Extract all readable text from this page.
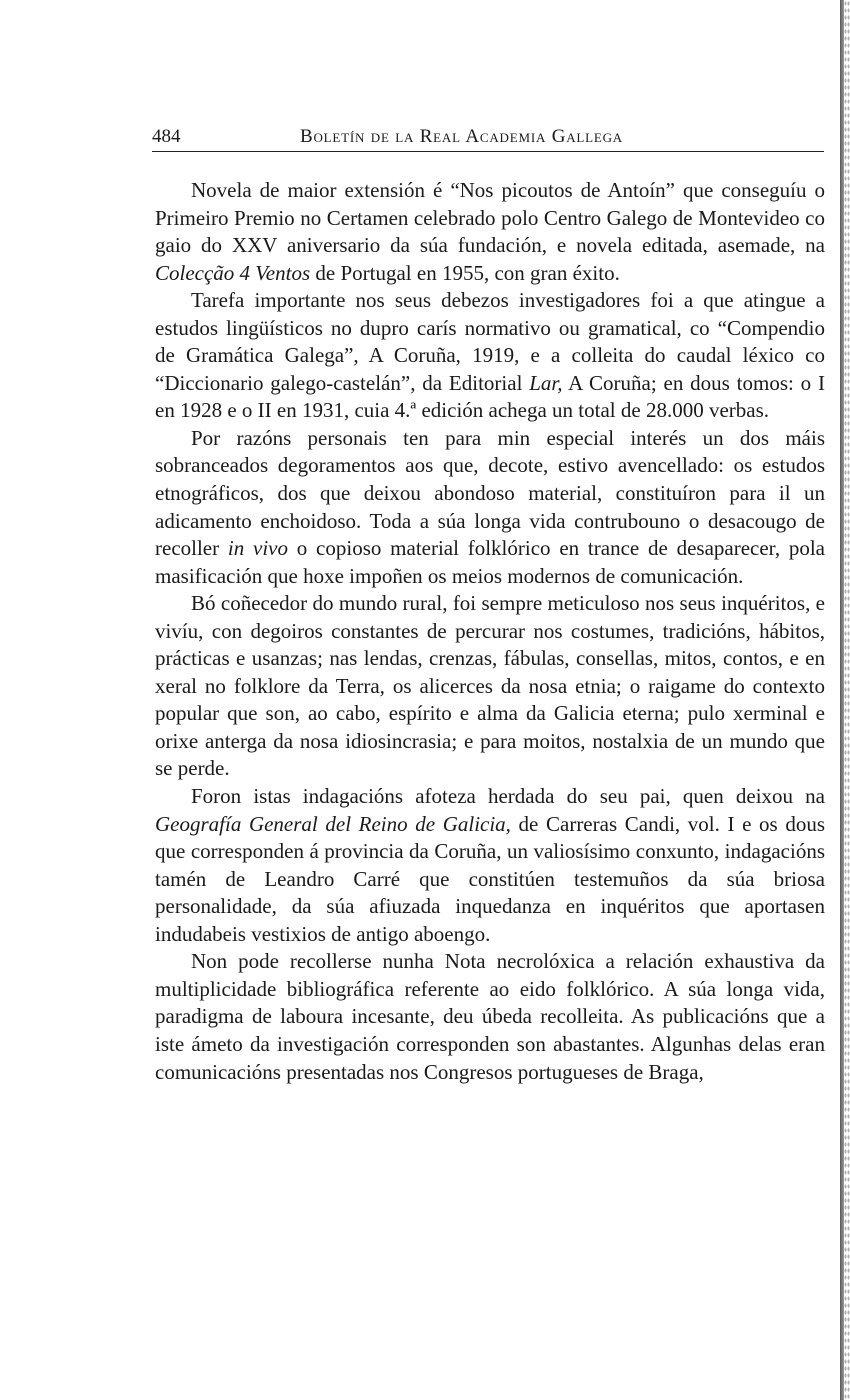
484	Boletín de la Real Academia Gallega

Novela de maior extensión é “Nos picoutos de Antoín” que conseguíu o Primeiro Premio no Certamen celebrado polo Centro Galego de Montevideo co gaio do XXV aniversario da súa fundación, e novela editada, asemade, na Colecção 4 Ventos de Portugal en 1955, con gran éxito.

Tarefa importante nos seus debezos investigadores foi a que atingue a estudos lingüísticos no dupro carís normativo ou gramatical, co “Compendio de Gramática Galega”, A Coruña, 1919, e a colleita do caudal léxico co “Diccionario galego-castelán”, da Editorial Lar, A Coruña; en dous tomos: o I en 1928 e o II en 1931, cuia 4.ª edición achega un total de 28.000 verbas.

Por razóns personais ten para min especial interés un dos máis sobranceados degoramentos aos que, decote, estivo avencellado: os estudos etnográficos, dos que deixou abondoso material, constituíron para il un adicamento enchoidoso. Toda a súa longa vida contrubouno o desacougo de recoller in vivo o copioso material folklórico en trance de desaparecer, pola masificación que hoxe impoñen os meios modernos de comunicación.

Bó coñecedor do mundo rural, foi sempre meticuloso nos seus inquéritos, e vivíu, con degoiros constantes de percurar nos costumes, tradicións, hábitos, prácticas e usanzas; nas lendas, crenzas, fábulas, consellas, mitos, contos, e en xeral no folklore da Terra, os alicerces da nosa etnia; o raigame do contexto popular que son, ao cabo, espírito e alma da Galicia eterna; pulo xerminal e orixe anterga da nosa idiosincrasia; e para moitos, nostalxia de un mundo que se perde.

Foron istas indagacións afoteza herdada do seu pai, quen deixou na Geografía General del Reino de Galicia, de Carreras Candi, vol. I e os dous que corresponden á provincia da Coruña, un valiosísimo conxunto, indagacións tamén de Leandro Carré que constitúen testemuños da súa briosa personalidade, da súa afiuzada inquedanza en inquéritos que aportasen indudabeis vestixios de antigo aboengo.

Non pode recollerse nunha Nota necrolóxica a relación exhaustiva da multiplicidade bibliográfica referente ao eido folklórico. A súa longa vida, paradigma de laboura incesante, deu úbeda recolleita. As publicacións que a iste ámeto da investigación corresponden son abastantes. Algunhas delas eran comunicacións presentadas nos Congresos portugueses de Braga,
